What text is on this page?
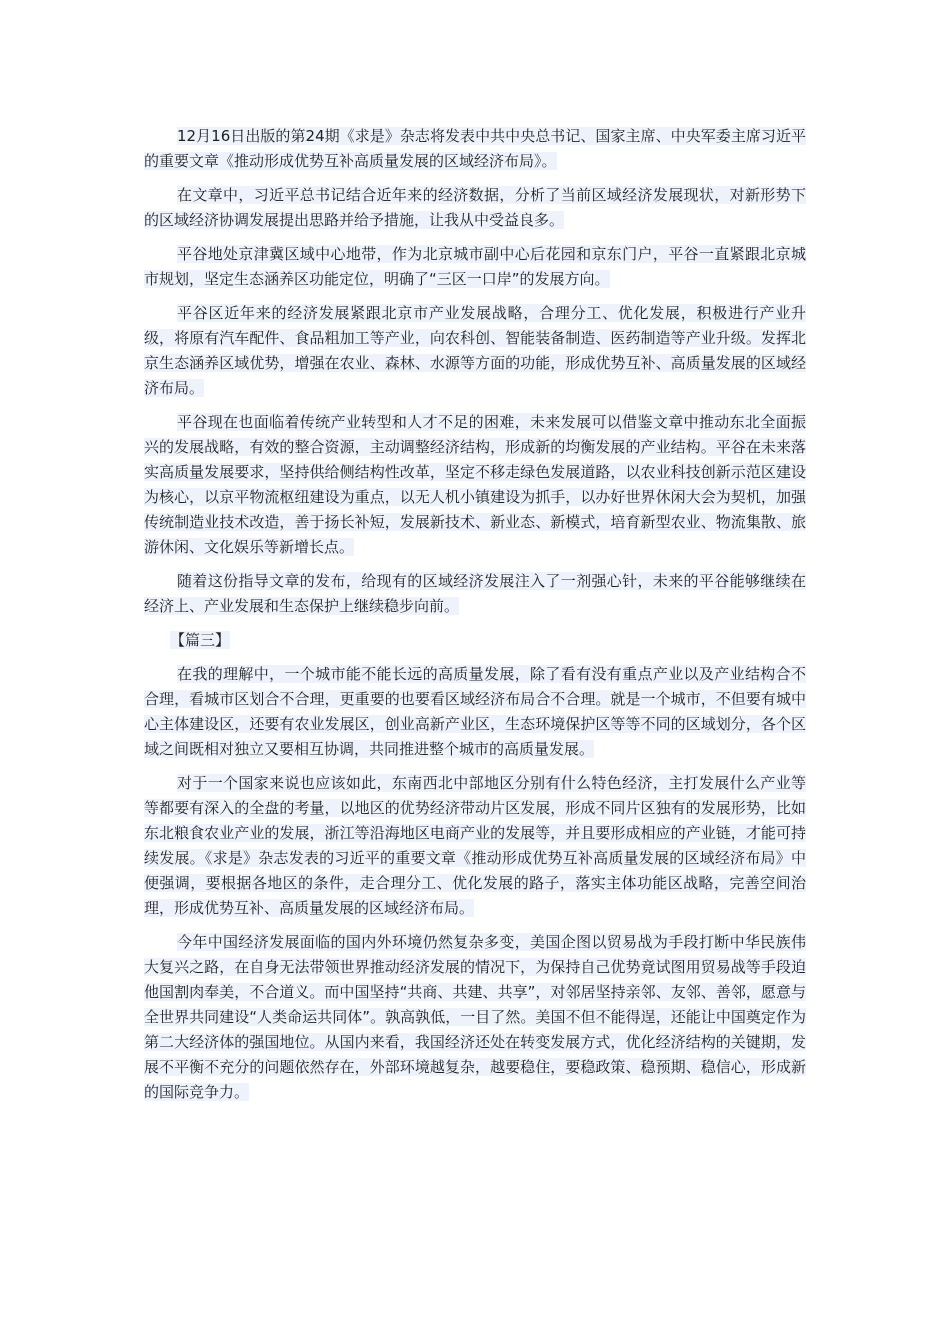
12月16日出版的第24期《求是》杂志将发表中共中央总书记、国家主席、中央军委主席习近平的重要文章《推动形成优势互补高质量发展的区域经济布局》。

在文章中，习近平总书记结合近年来的经济数据，分析了当前区域经济发展现状，对新形势下的区域经济协调发展提出思路并给予措施，让我从中受益良多。

平谷地处京津冀区域中心地带，作为北京城市副中心后花园和京东门户，平谷一直紧跟北京城市规划，坚定生态涵养区功能定位，明确了“三区一口岸”的发展方向。

平谷区近年来的经济发展紧跟北京市产业发展战略，合理分工、优化发展，积极进行产业升级，将原有汽车配件、食品粗加工等产业，向农科创、智能装备制造、医药制造等产业升级。发挥北京生态涵养区域优势，增强在农业、森林、水源等方面的功能，形成优势互补、高质量发展的区域经济布局。

平谷现在也面临着传统产业转型和人才不足的困难，未来发展可以借鉴文章中推动东北全面振兴的发展战略，有效的整合资源，主动调整经济结构，形成新的均衡发展的产业结构。平谷在未来落实高质量发展要求，坚持供给侧结构性改革，坚定不移走绿色发展道路，以农业科技创新示范区建设为核心，以京平物流枢纽建设为重点，以无人机小镇建设为抓手，以办好世界休闲大会为契机，加强传统制造业技术改造，善于扬长补短，发展新技术、新业态、新模式，培育新型农业、物流集散、旅游休闲、文化娱乐等新增长点。

随着这份指导文章的发布，给现有的区域经济发展注入了一剂强心针，未来的平谷能够继续在经济上、产业发展和生态保护上继续稳步向前。

【篇三】

在我的理解中，一个城市能不能长远的高质量发展，除了看有没有重点产业以及产业结构合不合理，看城市区划合不合理，更重要的也要看区域经济布局合不合理。就是一个城市，不但要有城中心主体建设区，还要有农业发展区，创业高新产业区，生态环境保护区等等不同的区域划分，各个区域之间既相对独立又要相互协调，共同推进整个城市的高质量发展。

对于一个国家来说也应该如此，东南西北中部地区分别有什么特色经济，主打发展什么产业等等都要有深入的全盘的考量，以地区的优势经济带动片区发展，形成不同片区独有的发展形势，比如东北粮食农业产业的发展，浙江等沿海地区电商产业的发展等，并且要形成相应的产业链，才能可持续发展。《求是》杂志发表的习近平的重要文章《推动形成优势互补高质量发展的区域经济布局》中便强调，要根据各地区的条件，走合理分工、优化发展的路子，落实主体功能区战略，完善空间治理，形成优势互补、高质量发展的区域经济布局。

今年中国经济发展面临的国内外环境仍然复杂多变，美国企图以贸易战为手段打断中华民族伟大复兴之路，在自身无法带领世界推动经济发展的情况下，为保持自己优势竟试图用贸易战等手段迫他国割肉奉美，不合道义。而中国坚持“共商、共建、共享”，对邻居坚持亲邻、友邻、善邻，愿意与全世界共同建设“人类命运共同体”。孰高孰低，一目了然。美国不但不能得逞，还能让中国奠定作为第二大经济体的强国地位。从国内来看，我国经济还处在转变发展方式，优化经济结构的关键期，发展不平衡不充分的问题依然存在，外部环境越复杂，越要稳住，要稳政策、稳预期、稳信心，形成新的国际竞争力。
